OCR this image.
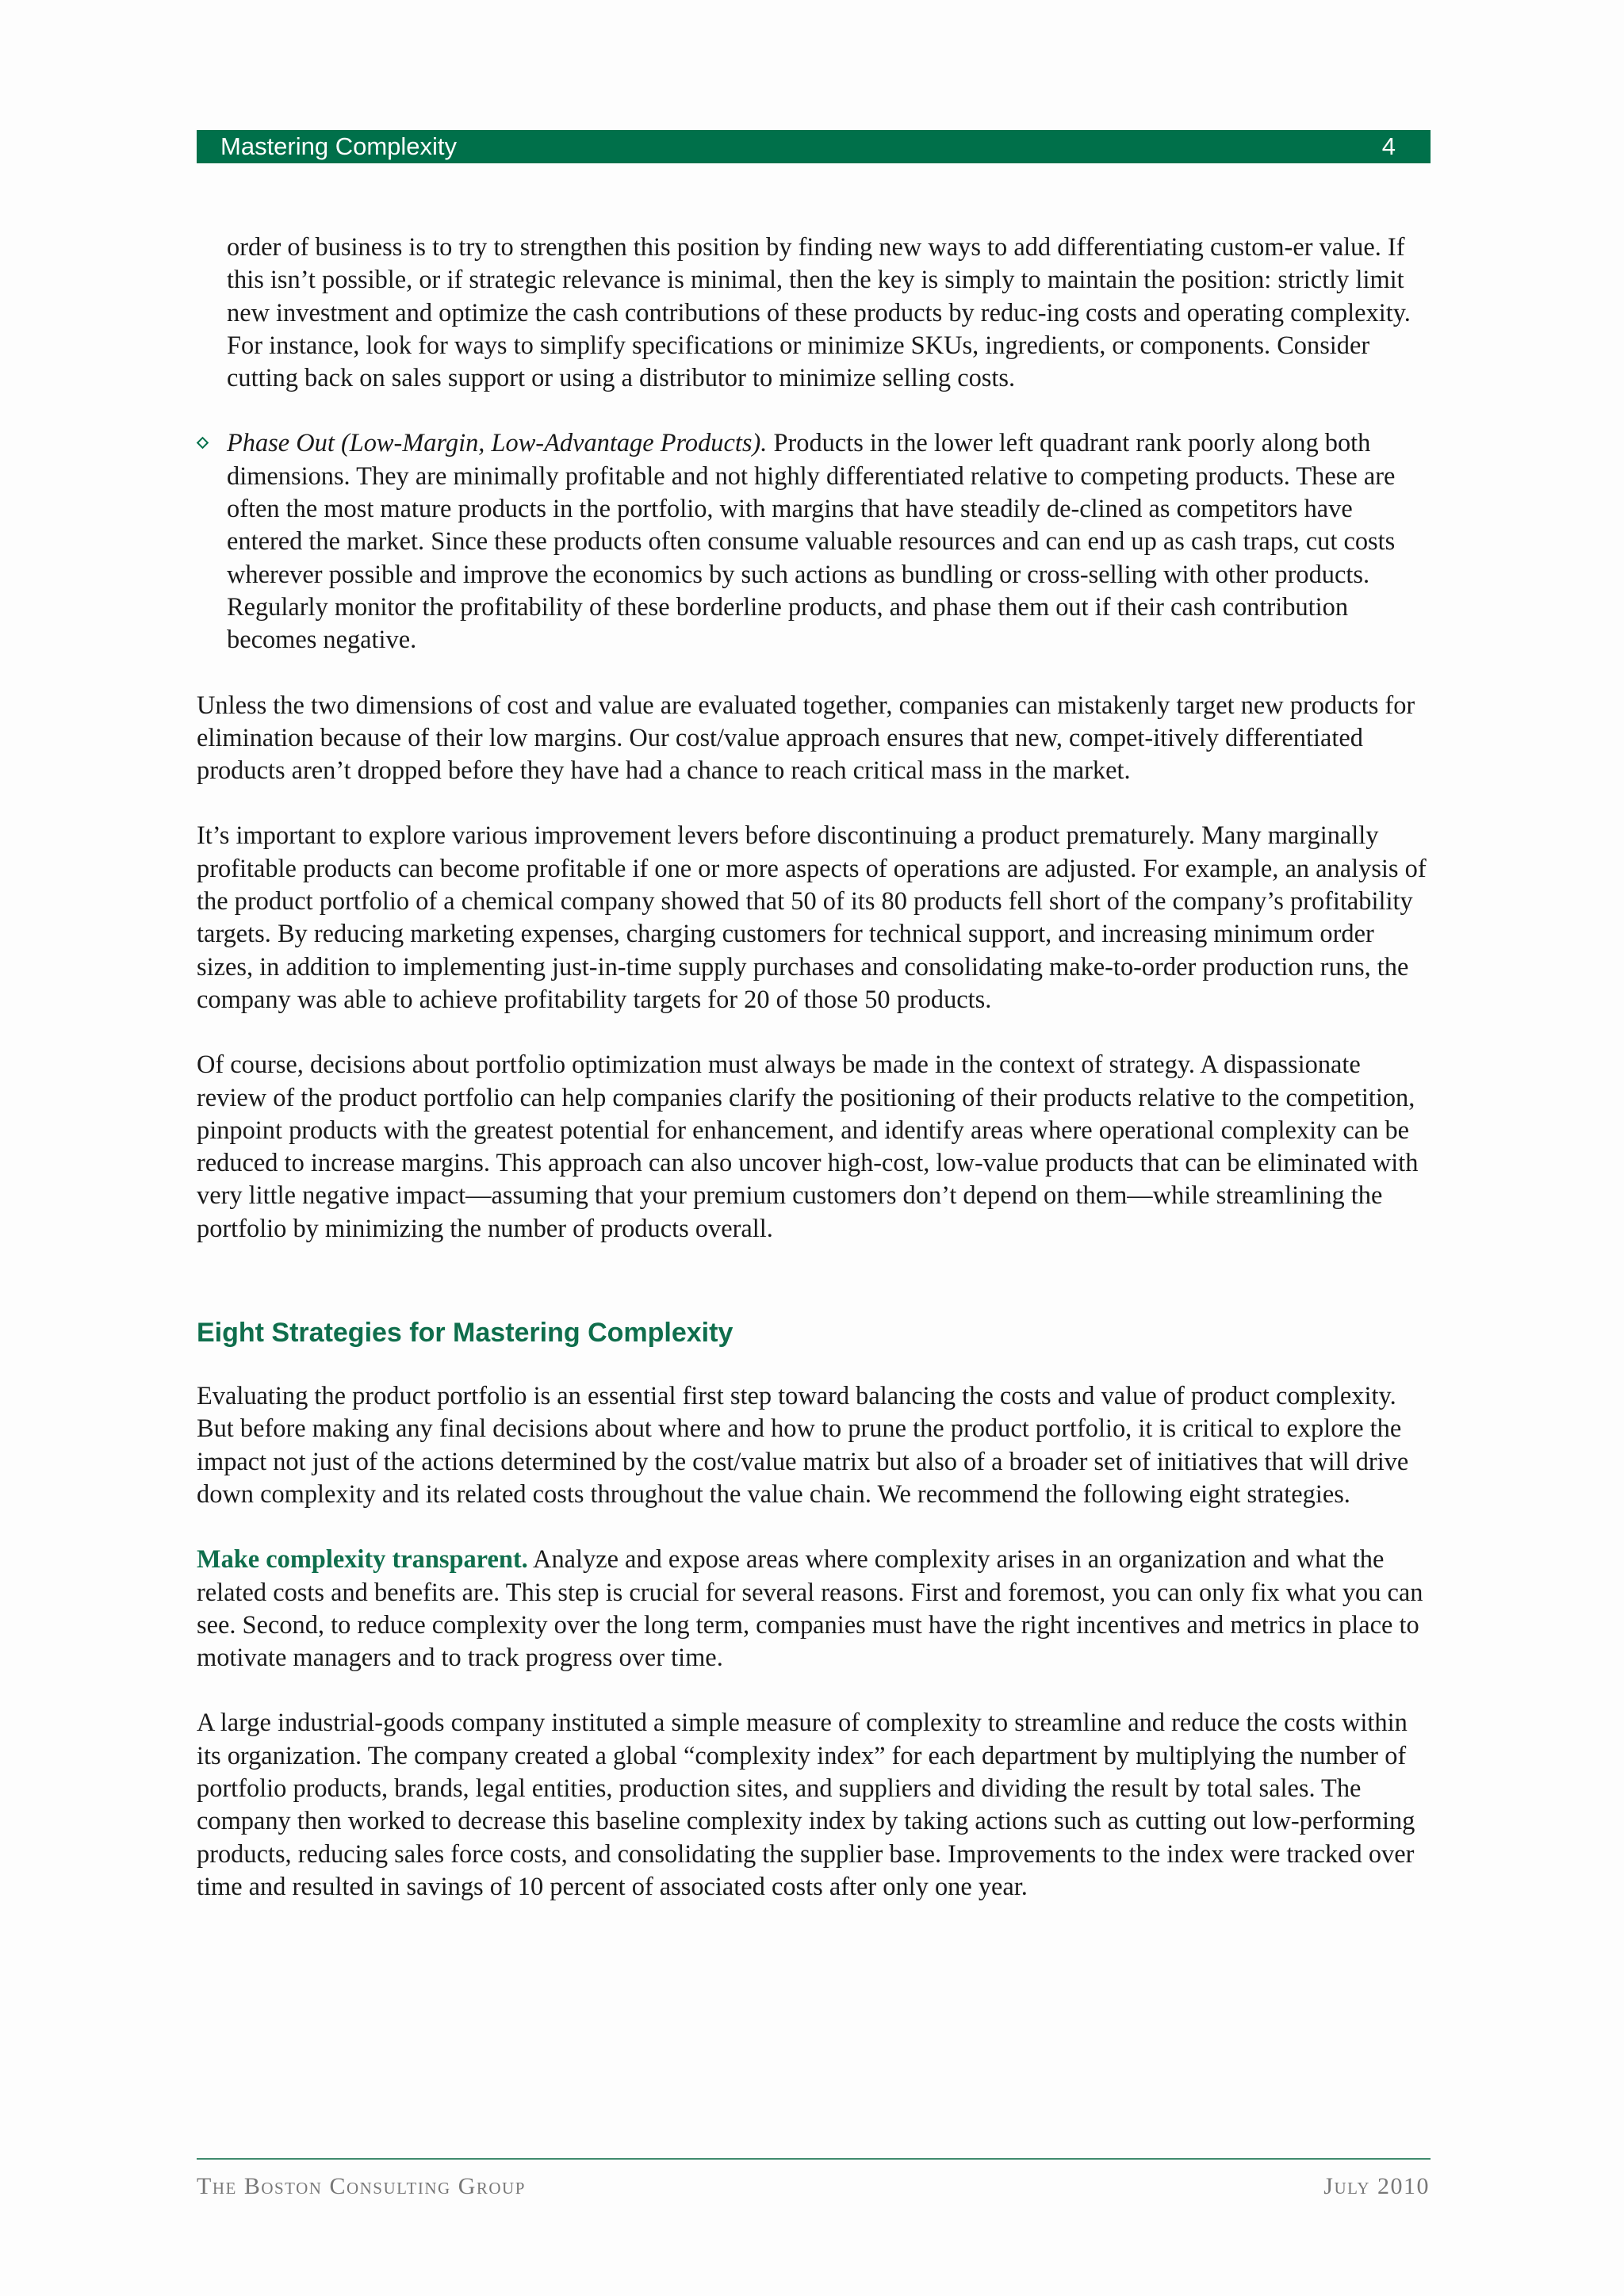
Mastering Complexity	4

order of business is to try to strengthen this position by finding new ways to add differentiating custom-er value. If this isn’t possible, or if strategic relevance is minimal, then the key is simply to maintain the position: strictly limit new investment and optimize the cash contributions of these products by reduc-ing costs and operating complexity. For instance, look for ways to simplify specifications or minimize SKUs, ingredients, or components. Consider cutting back on sales support or using a distributor to minimize selling costs.

Phase Out (Low-Margin, Low-Advantage Products). Products in the lower left quadrant rank poorly along both dimensions. They are minimally profitable and not highly differentiated relative to competing products. These are often the most mature products in the portfolio, with margins that have steadily de-clined as competitors have entered the market. Since these products often consume valuable resources and can end up as cash traps, cut costs wherever possible and improve the economics by such actions as bundling or cross-selling with other products. Regularly monitor the profitability of these borderline products, and phase them out if their cash contribution becomes negative.

Unless the two dimensions of cost and value are evaluated together, companies can mistakenly target new products for elimination because of their low margins. Our cost/value approach ensures that new, compet-itively differentiated products aren’t dropped before they have had a chance to reach critical mass in the market.

It’s important to explore various improvement levers before discontinuing a product prematurely. Many marginally profitable products can become profitable if one or more aspects of operations are adjusted. For example, an analysis of the product portfolio of a chemical company showed that 50 of its 80 products fell short of the company’s profitability targets. By reducing marketing expenses, charging customers for technical support, and increasing minimum order sizes, in addition to implementing just-in-time supply purchases and consolidating make-to-order production runs, the company was able to achieve profitability targets for 20 of those 50 products.

Of course, decisions about portfolio optimization must always be made in the context of strategy. A dispassionate review of the product portfolio can help companies clarify the positioning of their products relative to the competition, pinpoint products with the greatest potential for enhancement, and identify areas where operational complexity can be reduced to increase margins. This approach can also uncover high-cost, low-value products that can be eliminated with very little negative impact—assuming that your premium customers don’t depend on them—while streamlining the portfolio by minimizing the number of products overall.

Eight Strategies for Mastering Complexity

Evaluating the product portfolio is an essential first step toward balancing the costs and value of product complexity. But before making any final decisions about where and how to prune the product portfolio, it is critical to explore the impact not just of the actions determined by the cost/value matrix but also of a broader set of initiatives that will drive down complexity and its related costs throughout the value chain. We recommend the following eight strategies.

Make complexity transparent. Analyze and expose areas where complexity arises in an organization and what the related costs and benefits are. This step is crucial for several reasons. First and foremost, you can only fix what you can see. Second, to reduce complexity over the long term, companies must have the right incentives and metrics in place to motivate managers and to track progress over time.

A large industrial-goods company instituted a simple measure of complexity to streamline and reduce the costs within its organization. The company created a global “complexity index” for each department by multiplying the number of portfolio products, brands, legal entities, production sites, and suppliers and dividing the result by total sales. The company then worked to decrease this baseline complexity index by taking actions such as cutting out low-performing products, reducing sales force costs, and consolidating the supplier base. Improvements to the index were tracked over time and resulted in savings of 10 percent of associated costs after only one year.

The Boston Consulting Group	July 2010
